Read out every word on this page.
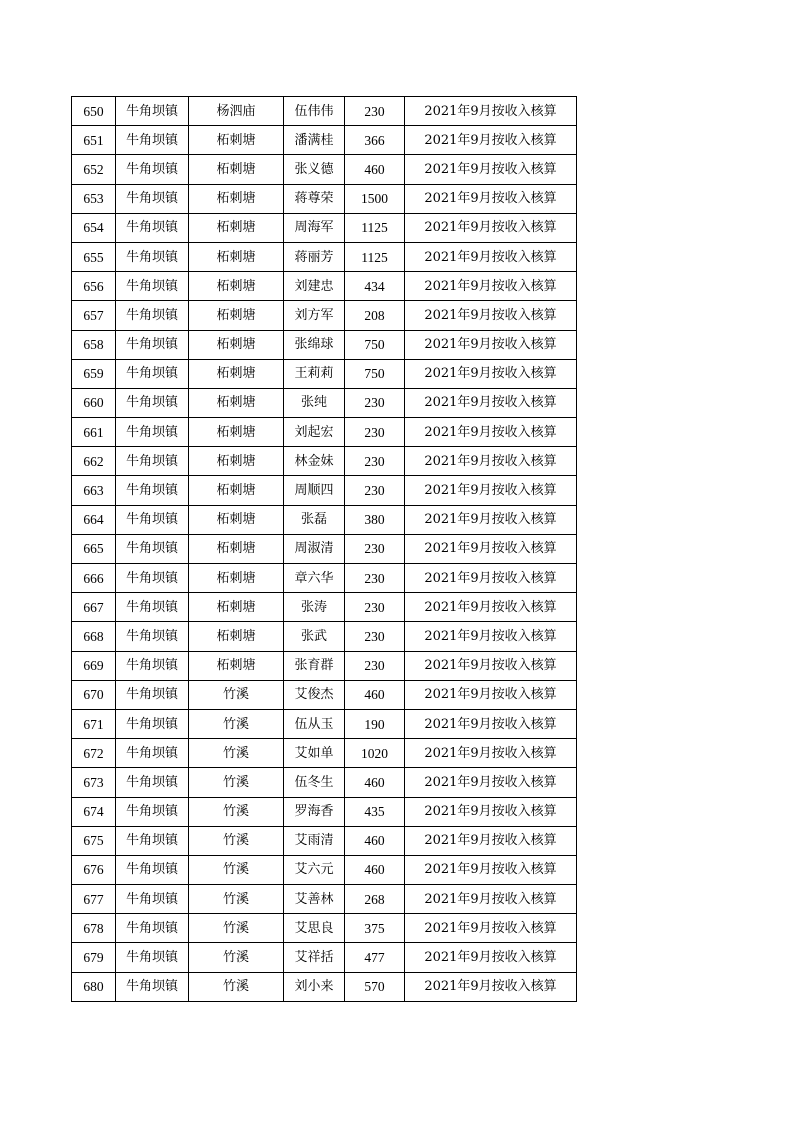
650	牛角坝镇	杨泗庙	伍伟伟	230	2021年9月按收入核算
651	牛角坝镇	柘刺塘	潘满桂	366	2021年9月按收入核算
652	牛角坝镇	柘刺塘	张义德	460	2021年9月按收入核算
653	牛角坝镇	柘刺塘	蒋尊荣	1500	2021年9月按收入核算
654	牛角坝镇	柘刺塘	周海军	1125	2021年9月按收入核算
655	牛角坝镇	柘刺塘	蒋丽芳	1125	2021年9月按收入核算
656	牛角坝镇	柘刺塘	刘建忠	434	2021年9月按收入核算
657	牛角坝镇	柘刺塘	刘方军	208	2021年9月按收入核算
658	牛角坝镇	柘刺塘	张绵球	750	2021年9月按收入核算
659	牛角坝镇	柘刺塘	王莉莉	750	2021年9月按收入核算
660	牛角坝镇	柘刺塘	张纯	230	2021年9月按收入核算
661	牛角坝镇	柘刺塘	刘起宏	230	2021年9月按收入核算
662	牛角坝镇	柘刺塘	林金妹	230	2021年9月按收入核算
663	牛角坝镇	柘刺塘	周顺四	230	2021年9月按收入核算
664	牛角坝镇	柘刺塘	张磊	380	2021年9月按收入核算
665	牛角坝镇	柘刺塘	周淑清	230	2021年9月按收入核算
666	牛角坝镇	柘刺塘	章六华	230	2021年9月按收入核算
667	牛角坝镇	柘刺塘	张涛	230	2021年9月按收入核算
668	牛角坝镇	柘刺塘	张武	230	2021年9月按收入核算
669	牛角坝镇	柘刺塘	张育群	230	2021年9月按收入核算
670	牛角坝镇	竹溪	艾俊杰	460	2021年9月按收入核算
671	牛角坝镇	竹溪	伍从玉	190	2021年9月按收入核算
672	牛角坝镇	竹溪	艾如单	1020	2021年9月按收入核算
673	牛角坝镇	竹溪	伍冬生	460	2021年9月按收入核算
674	牛角坝镇	竹溪	罗海香	435	2021年9月按收入核算
675	牛角坝镇	竹溪	艾雨清	460	2021年9月按收入核算
676	牛角坝镇	竹溪	艾六元	460	2021年9月按收入核算
677	牛角坝镇	竹溪	艾善林	268	2021年9月按收入核算
678	牛角坝镇	竹溪	艾思良	375	2021年9月按收入核算
679	牛角坝镇	竹溪	艾祥括	477	2021年9月按收入核算
680	牛角坝镇	竹溪	刘小来	570	2021年9月按收入核算
